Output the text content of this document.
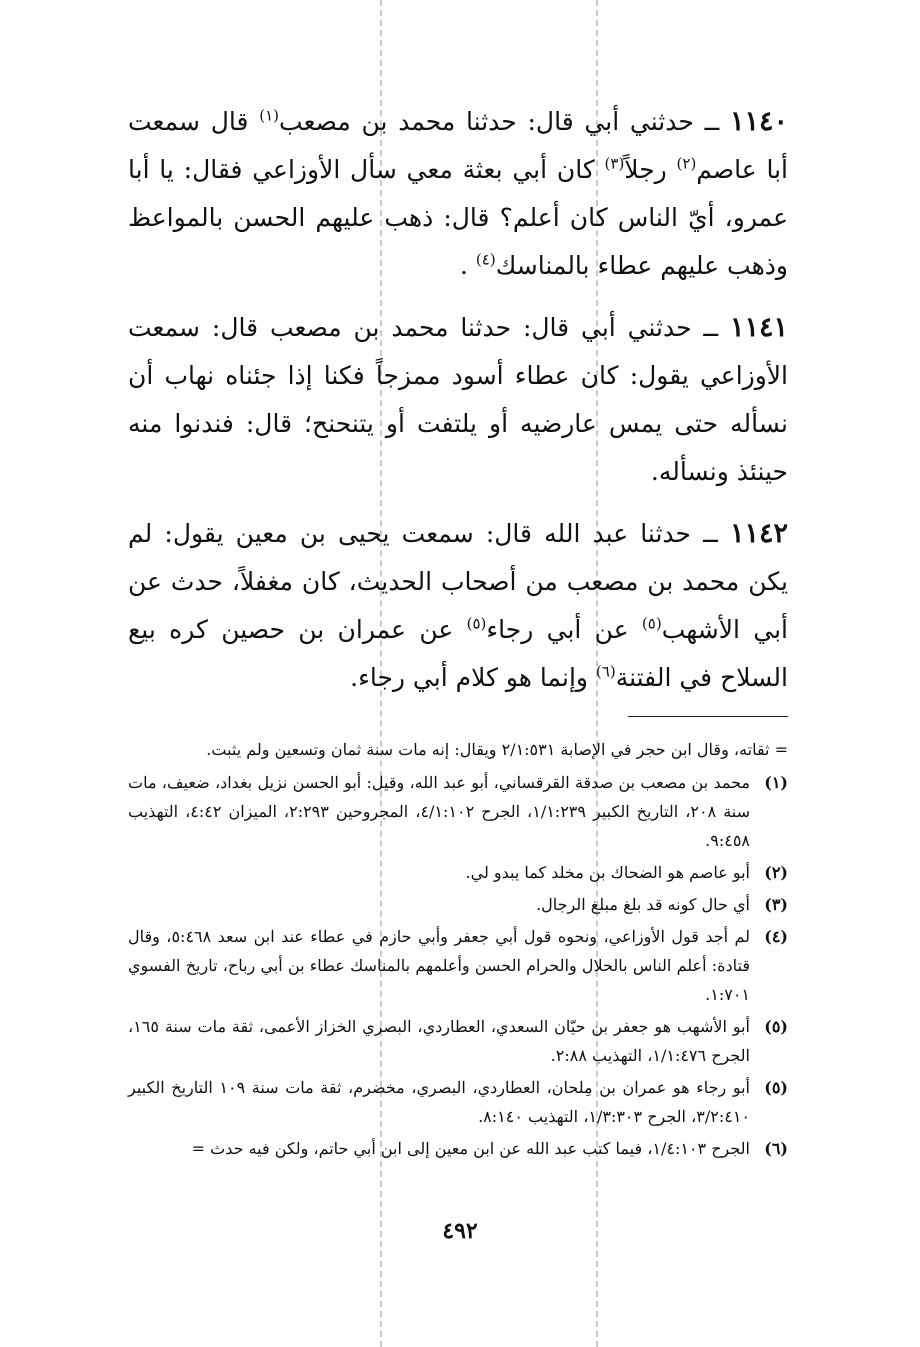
١١٤٠ ــ حدثني أبي قال: حدثنا محمد بن مصعب$^{(١)}$ قال سمعت أبا عاصم$^{(٢)}$ رجلاً$^{(٣)}$ كان أبي بعثة معي سأل الأوزاعي فقال: يا أبا عمرو، أيّ الناس كان أعلم؟ قال: ذهب عليهم الحسن بالمواعظ وذهب عليهم عطاء بالمناسك$^{(٤)}$ .

١١٤١ ــ حدثني أبي قال: حدثنا محمد بن مصعب قال: سمعت الأوزاعي يقول: كان عطاء أسود ممزجاً فكنا إذا جئناه نهاب أن نسأله حتى يمس عارضيه أو يلتفت أو يتنحنح؛ قال: فندنوا منه حينئذ ونسأله.

١١٤٢ ــ حدثنا عبد الله قال: سمعت يحيى بن معين يقول: لم يكن محمد بن مصعب من أصحاب الحديث، كان مغفلاً، حدث عن أبي الأشهب$^{(٥)}$ عن أبي رجاء$^{(٥)}$ عن عمران بن حصين كره بيع السلاح في الفتنة$^{(٦)}$ وإنما هو كلام أبي رجاء.

= ثقاته، وقال ابن حجر في الإصابة ٢/١:٥٣١ ويقال: إنه مات سنة ثمان وتسعين ولم يثبت.
(١)
محمد بن مصعب بن صدقة القرقساني، أبو عبد الله، وقيل: أبو الحسن نزيل بغداد، ضعيف، مات سنة ٢٠٨، التاريخ الكبير ١/١:٢٣٩، الجرح ٤/١:١٠٢، المجروحين ٢:٢٩٣، الميزان ٤:٤٢، التهذيب ٩:٤٥٨.
(٢)
أبو عاصم هو الضحاك بن مخلد كما يبدو لي.
(٣)
أي حال كونه قد بلغ مبلغ الرجال.
(٤)
لم أجد قول الأوزاعي، ونحوه قول أبي جعفر وأبي حازم في عطاء عند ابن سعد ٥:٤٦٨، وقال قتادة: أعلم الناس بالحلال والحرام الحسن وأعلمهم بالمناسك عطاء بن أبي رباح، تاريخ الفسوي ١:٧٠١.
(٥)
أبو الأشهب هو جعفر بن حيّان السعدي، العطاردي، البصري الخزاز الأعمى، ثقة مات سنة ١٦٥، الجرح ١/١:٤٧٦، التهذيب ٢:٨٨.
(٥)
أبو رجاء هو عمران بن مِلحان، العطاردي، البصري، مخضرم، ثقة مات سنة ١٠٩ التاريخ الكبير ٣/٢:٤١٠، الجرح ١/٣:٣٠٣، التهذيب ٨:١٤٠.
(٦)
الجرح ١/٤:١٠٣، فيما كتب عبد الله عن ابن معين إلى ابن أبي حاتم، ولكن فيه حدث =
٤٩٢
